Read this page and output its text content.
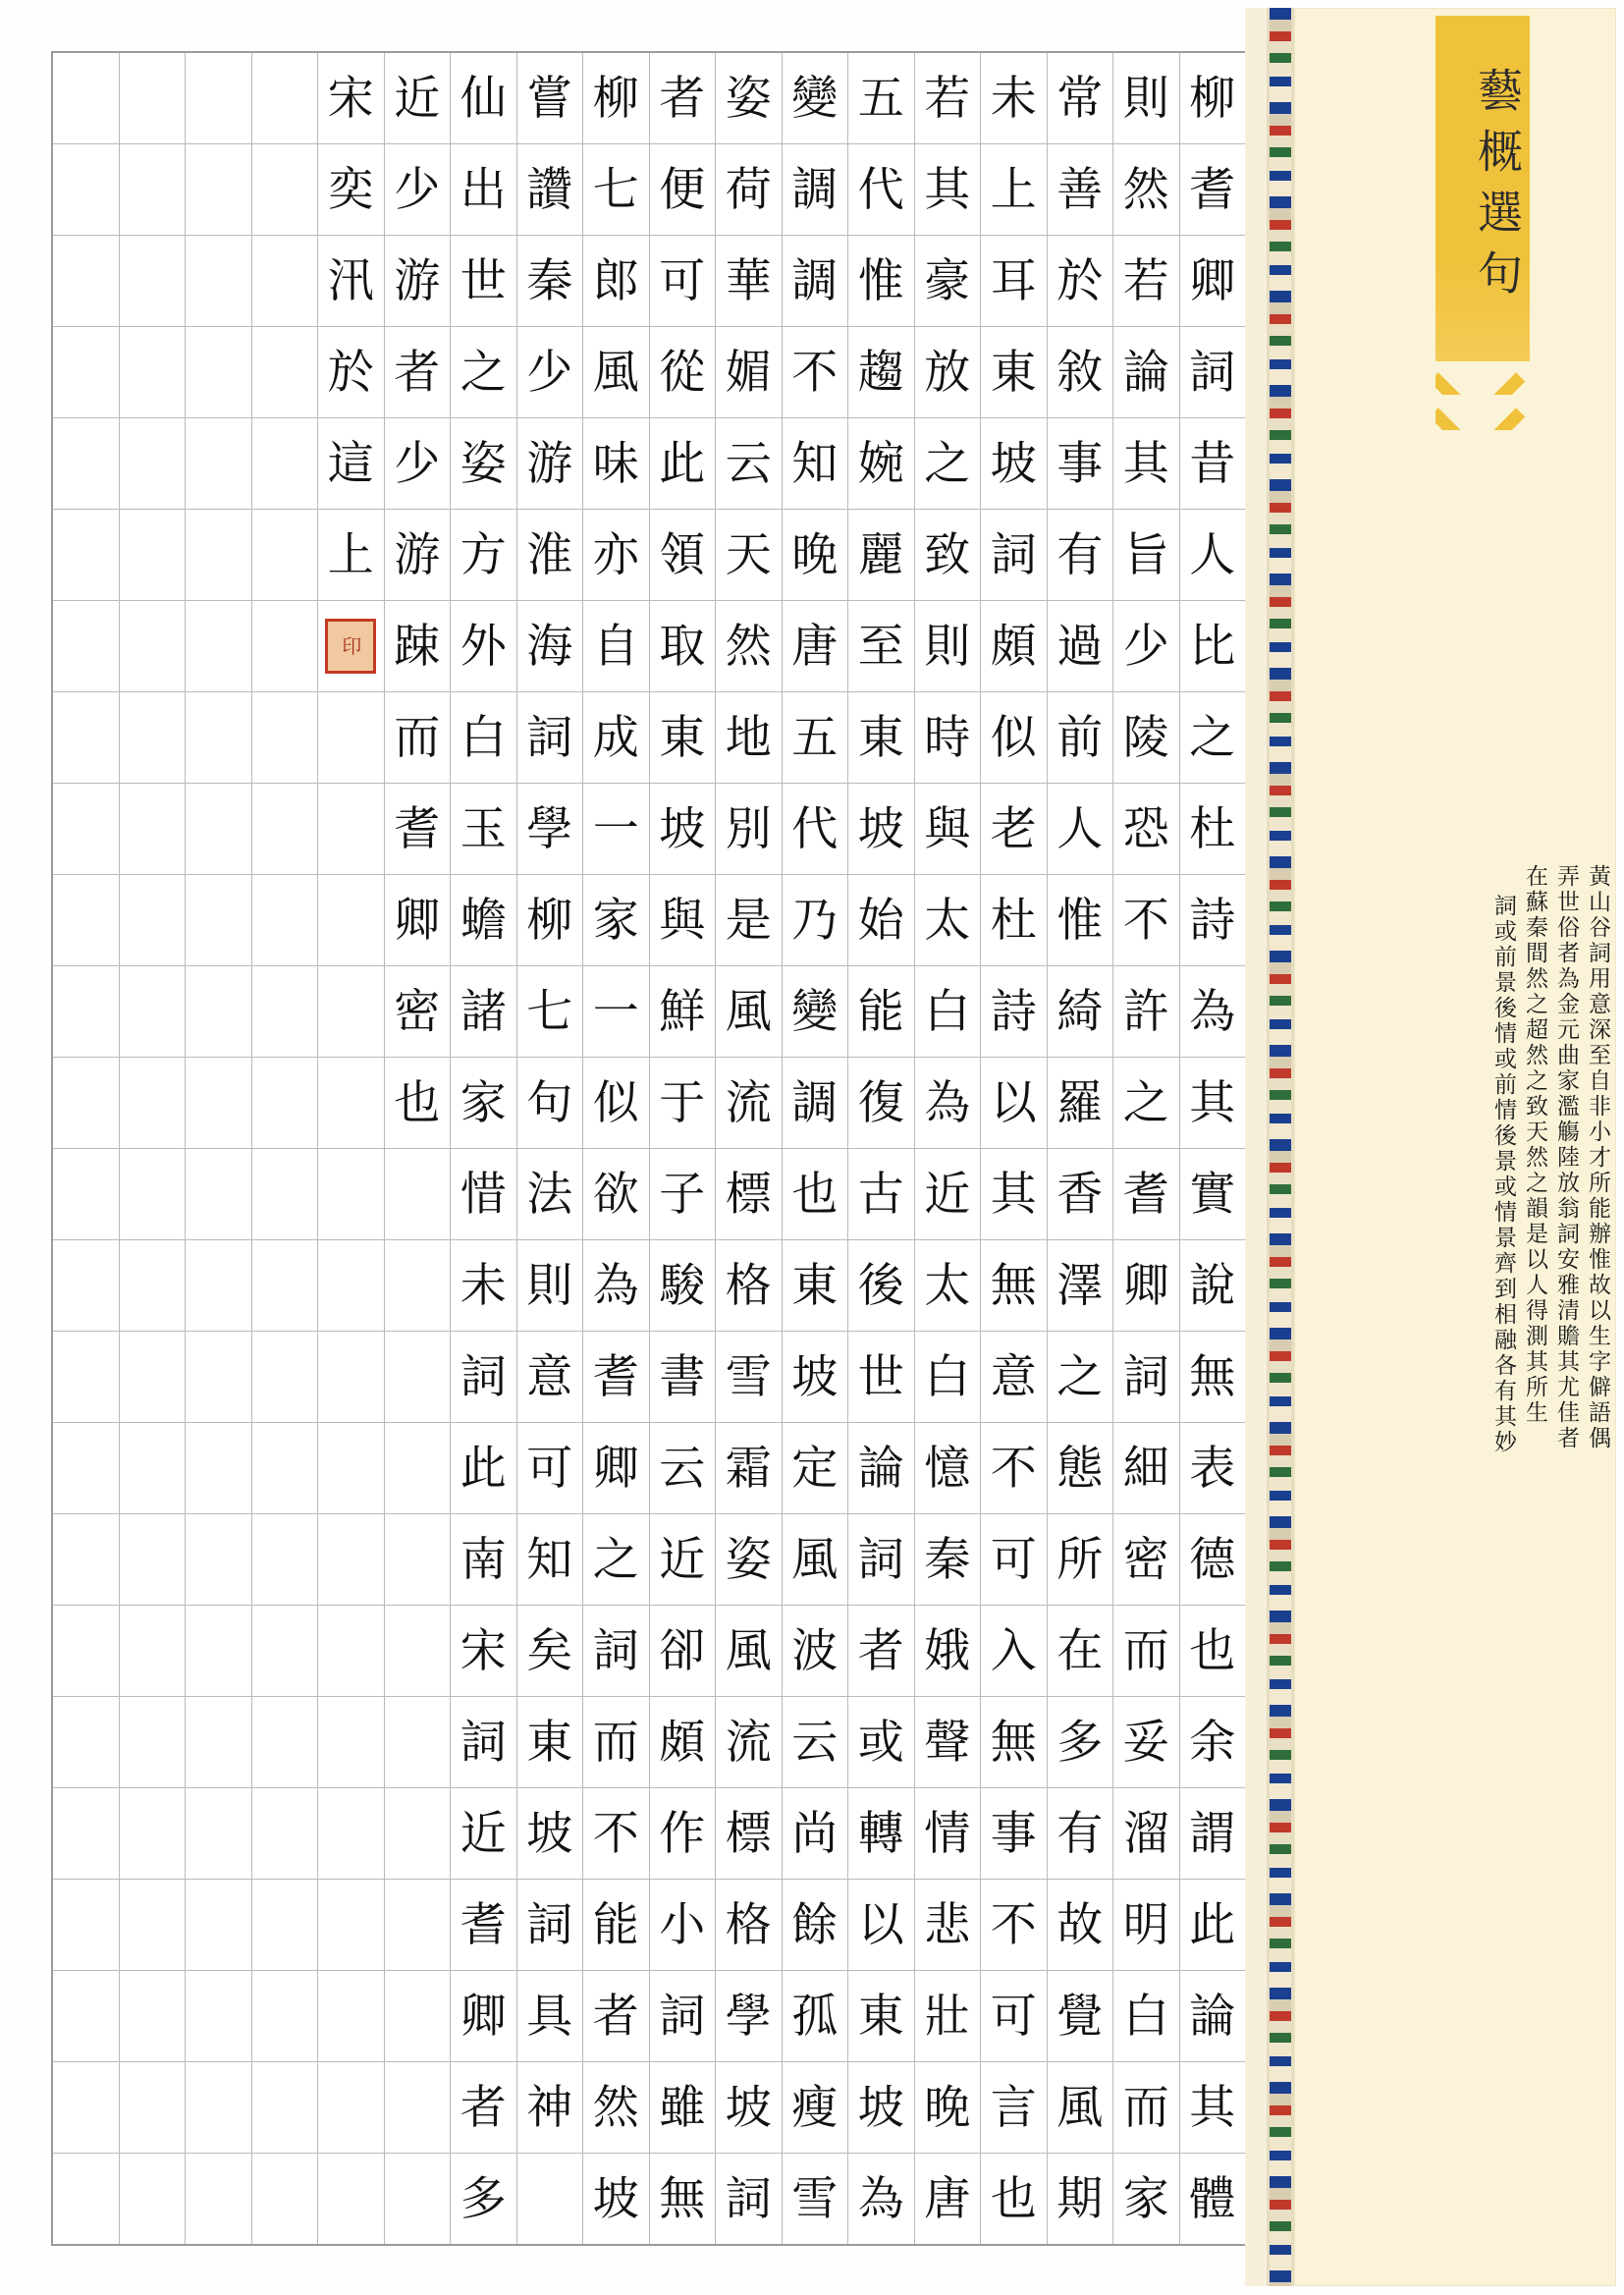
柳
耆
卿
詞
昔
人
比
之
杜
詩
為
其
實
說
無
表
德
也
余
謂
此
論
其
體
則
然
若
論
其
旨
少
陵
恐
不
許
之
耆
卿
詞
細
密
而
妥
溜
明
白
而
家
常
善
於
敘
事
有
過
前
人
惟
綺
羅
香
澤
之
態
所
在
多
有
故
覺
風
期
未
上
耳
東
坡
詞
頗
似
老
杜
詩
以
其
無
意
不
可
入
無
事
不
可
言
也
若
其
豪
放
之
致
則
時
與
太
白
為
近
太
白
憶
秦
娥
聲
情
悲
壯
晚
唐
五
代
惟
趨
婉
麗
至
東
坡
始
能
復
古
後
世
論
詞
者
或
轉
以
東
坡
為
變
調
調
不
知
晚
唐
五
代
乃
變
調
也
東
坡
定
風
波
云
尚
餘
孤
瘦
雪
姿
荷
華
媚
云
天
然
地
別
是
風
流
標
格
雪
霜
姿
風
流
標
格
學
坡
詞
者
便
可
從
此
領
取
東
坡
與
鮮
于
子
駿
書
云
近
卻
頗
作
小
詞
雖
無
柳
七
郎
風
味
亦
自
成
一
家
一
似
欲
為
耆
卿
之
詞
而
不
能
者
然
坡
嘗
讚
秦
少
游
淮
海
詞
學
柳
七
句
法
則
意
可
知
矣
東
坡
詞
具
神
仙
出
世
之
姿
方
外
白
玉
蟾
諸
家
惜
未
詞
此
南
宋
詞
近
耆
卿
者
多
近
少
游
者
少
游
踈
而
耆
卿
密
也
宋
奕
汛
於
這
上
印
藝概選句
黃山谷詞用意深至自非小才所能辦惟故以生字僻語偶
弄世俗者為金元曲家濫觴陸放翁詞安雅清贍其尤佳者
在蘇秦間然之超然之致天然之韻是以人得測其所生
詞或前景後情或前情後景或情景齊到相融各有其妙
